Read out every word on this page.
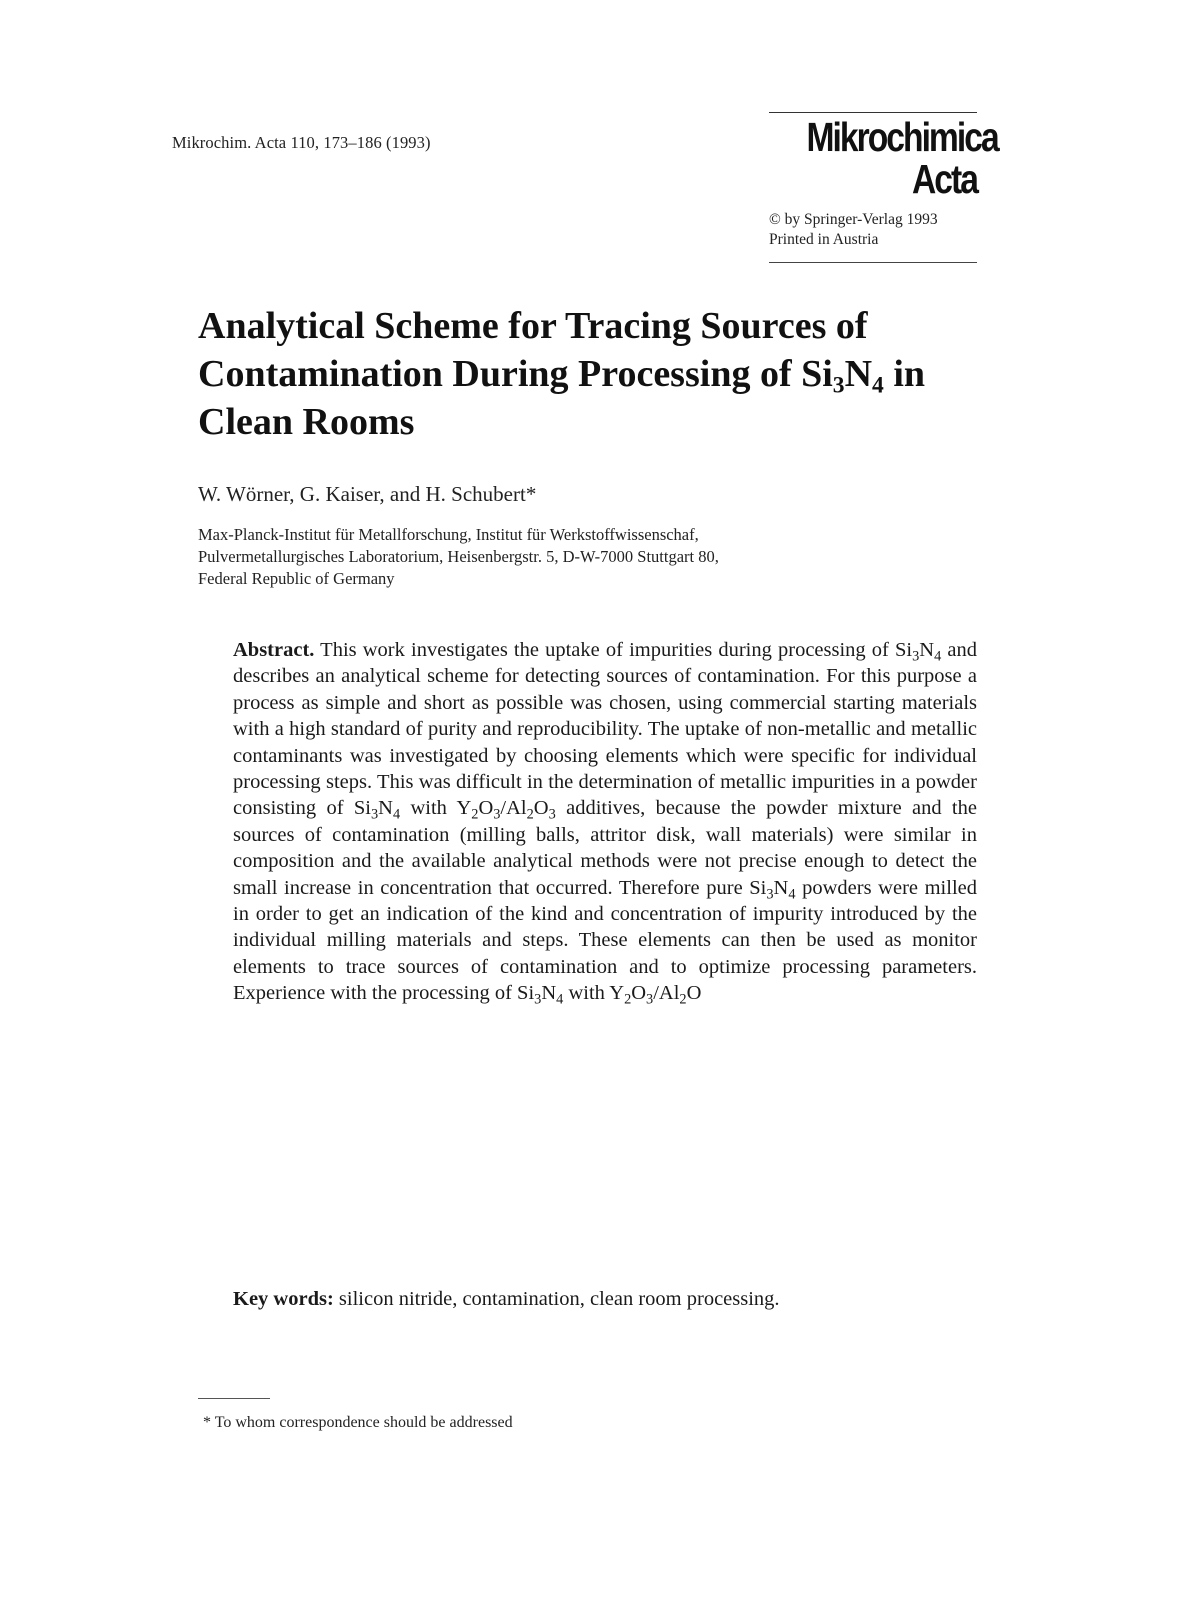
Mikrochim. Acta 110, 173–186 (1993)	Mikrochimica
Acta
© by Springer-Verlag 1993
Printed in Austria
Analytical Scheme for Tracing Sources of Contamination During Processing of $Si_3N_4$ in Clean Rooms
W. Wörner, G. Kaiser, and H. Schubert*
Max-Planck-Institut für Metallforschung, Institut für Werkstoffwissenschaf,
Pulvermetallurgisches Laboratorium, Heisenbergstr. 5, D-W-7000 Stuttgart 80,
Federal Republic of Germany

Abstract. This work investigates the uptake of impurities during processing of $Si_3N_4$ and describes an analytical scheme for detecting sources of contamination. For this purpose a process as simple and short as possible was chosen, using commercial starting materials with a high standard of purity and reproducibility. The uptake of non-metallic and metallic contaminants was investigated by choosing elements which were specific for individual processing steps. This was difficult in the determination of metallic impurities in a powder consisting of $Si_3N_4$ with $Y_2O_3/Al_2O_3$ additives, because the powder mixture and the sources of contamination (milling balls, attritor disk, wall materials) were similar in composition and the available analytical methods were not precise enough to detect the small increase in concentration that occurred. Therefore pure $Si_3N_4$ powders were milled in order to get an indication of the kind and concentration of impurity introduced by the individual milling materials and steps. These elements can then be used as monitor elements to trace sources of contamination and to optimize processing parameters. Experience with the processing of $Si_3N_4$ with $Y_2O_3/Al_2O$

Key words: silicon nitride, contamination, clean room processing.
* To whom correspondence should be addressed
